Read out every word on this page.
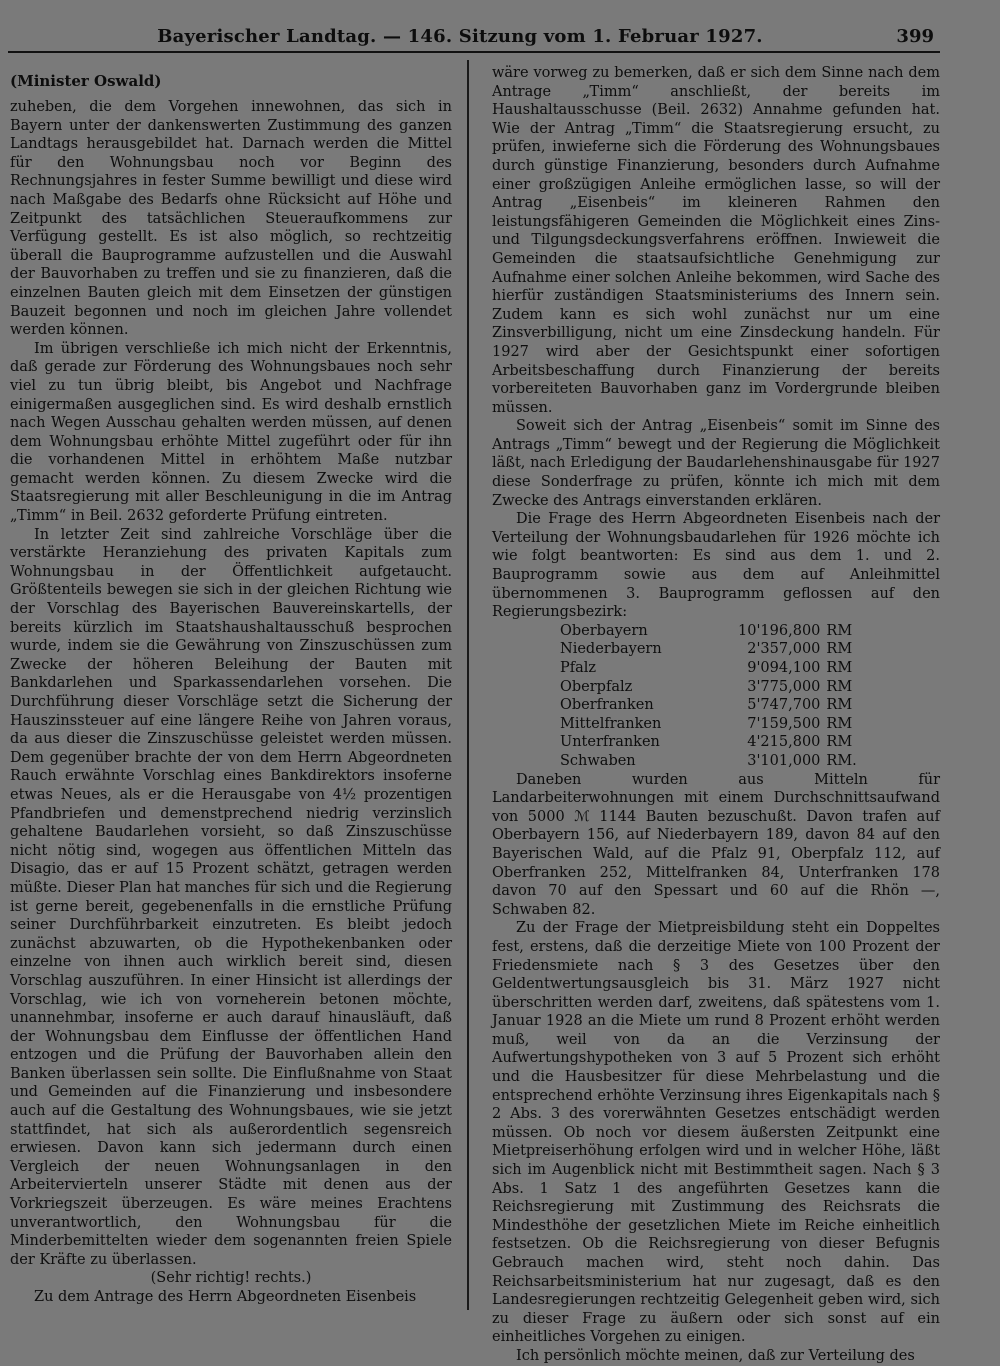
Bayerischer Landtag. — 146. Sitzung vom 1. Februar 1927.	399
(Minister Oswald)

zuheben, die dem Vorgehen innewohnen, das sich in Bayern unter der dankenswerten Zustimmung des ganzen Landtags herausgebildet hat. Darnach werden die Mittel für den Wohnungsbau noch vor Beginn des Rechnungsjahres in fester Summe bewilligt und diese wird nach Maßgabe des Bedarfs ohne Rücksicht auf Höhe und Zeitpunkt des tatsächlichen Steueraufkommens zur Verfügung gestellt. Es ist also möglich, so rechtzeitig überall die Bauprogramme aufzustellen und die Auswahl der Bauvorhaben zu treffen und sie zu finanzieren, daß die einzelnen Bauten gleich mit dem Einsetzen der günstigen Bauzeit begonnen und noch im gleichen Jahre vollendet werden können.

Im übrigen verschließe ich mich nicht der Erkenntnis, daß gerade zur Förderung des Wohnungsbaues noch sehr viel zu tun übrig bleibt, bis Angebot und Nachfrage einigermaßen ausgeglichen sind. Es wird deshalb ernstlich nach Wegen Ausschau gehalten werden müssen, auf denen dem Wohnungsbau erhöhte Mittel zugeführt oder für ihn die vorhandenen Mittel in erhöhtem Maße nutzbar gemacht werden können. Zu diesem Zwecke wird die Staatsregierung mit aller Beschleunigung in die im Antrag „Timm“ in Beil. 2632 geforderte Prüfung eintreten.

In letzter Zeit sind zahlreiche Vorschläge über die verstärkte Heranziehung des privaten Kapitals zum Wohnungsbau in der Öffentlichkeit aufgetaucht. Größtenteils bewegen sie sich in der gleichen Richtung wie der Vorschlag des Bayerischen Bauvereinskartells, der bereits kürzlich im Staatshaushaltausschuß besprochen wurde, indem sie die Gewährung von Zinszuschüssen zum Zwecke der höheren Beleihung der Bauten mit Bankdarlehen und Sparkassendarlehen vorsehen. Die Durchführung dieser Vorschläge setzt die Sicherung der Hauszinssteuer auf eine längere Reihe von Jahren voraus, da aus dieser die Zinszuschüsse geleistet werden müssen. Dem gegenüber brachte der von dem Herrn Abgeordneten Rauch erwähnte Vorschlag eines Bankdirektors insoferne etwas Neues, als er die Herausgabe von 4½ prozentigen Pfandbriefen und demenstprechend niedrig verzinslich gehaltene Baudarlehen vorsieht, so daß Zinszuschüsse nicht nötig sind, wogegen aus öffentlichen Mitteln das Disagio, das er auf 15 Prozent schätzt, getragen werden müßte. Dieser Plan hat manches für sich und die Regierung ist gerne bereit, gegebenenfalls in die ernstliche Prüfung seiner Durchführbarkeit einzutreten. Es bleibt jedoch zunächst abzuwarten, ob die Hypothekenbanken oder einzelne von ihnen auch wirklich bereit sind, diesen Vorschlag auszuführen. In einer Hinsicht ist allerdings der Vorschlag, wie ich von vorneherein betonen möchte, unannehmbar, insoferne er auch darauf hinausläuft, daß der Wohnungsbau dem Einflusse der öffentlichen Hand entzogen und die Prüfung der Bauvorhaben allein den Banken überlassen sein sollte. Die Einflußnahme von Staat und Gemeinden auf die Finanzierung und insbesondere auch auf die Gestaltung des Wohnungsbaues, wie sie jetzt stattfindet, hat sich als außerordentlich segensreich erwiesen. Davon kann sich jedermann durch einen Vergleich der neuen Wohnungsanlagen in den Arbeitervierteln unserer Städte mit denen aus der Vorkriegszeit überzeugen. Es wäre meines Erachtens unverantwortlich, den Wohnungsbau für die Minderbemittelten wieder dem sogenannten freien Spiele der Kräfte zu überlassen.

(Sehr richtig! rechts.)

Zu dem Antrage des Herrn Abgeordneten Eisenbeis

wäre vorweg zu bemerken, daß er sich dem Sinne nach dem Antrage „Timm“ anschließt, der bereits im Haushaltausschusse (Beil. 2632) Annahme gefunden hat. Wie der Antrag „Timm“ die Staatsregierung ersucht, zu prüfen, inwieferne sich die Förderung des Wohnungsbaues durch günstige Finanzierung, besonders durch Aufnahme einer großzügigen Anleihe ermöglichen lasse, so will der Antrag „Eisenbeis“ im kleineren Rahmen den leistungsfähigeren Gemeinden die Möglichkeit eines Zins- und Tilgungsdeckungsverfahrens eröffnen. Inwieweit die Gemeinden die staatsaufsichtliche Genehmigung zur Aufnahme einer solchen Anleihe bekommen, wird Sache des hierfür zuständigen Staatsministeriums des Innern sein. Zudem kann es sich wohl zunächst nur um eine Zinsverbilligung, nicht um eine Zinsdeckung handeln. Für 1927 wird aber der Gesichtspunkt einer sofortigen Arbeitsbeschaffung durch Finanzierung der bereits vorbereiteten Bauvorhaben ganz im Vordergrunde bleiben müssen.

Soweit sich der Antrag „Eisenbeis“ somit im Sinne des Antrags „Timm“ bewegt und der Regierung die Möglichkeit läßt, nach Erledigung der Baudarlehenshinausgabe für 1927 diese Sonderfrage zu prüfen, könnte ich mich mit dem Zwecke des Antrags einverstanden erklären.

Die Frage des Herrn Abgeordneten Eisenbeis nach der Verteilung der Wohnungsbaudarlehen für 1926 möchte ich wie folgt beantworten: Es sind aus dem 1. und 2. Bauprogramm sowie aus dem auf Anleihmittel übernommenen 3. Bauprogramm geflossen auf den Regierungsbezirk:

Oberbayern	10'196,800	RM
Niederbayern	2'357,000	RM
Pfalz	9'094,100	RM
Oberpfalz	3'775,000	RM
Oberfranken	5'747,700	RM
Mittelfranken	7'159,500	RM
Unterfranken	4'215,800	RM
Schwaben	3'101,000	RM.

Daneben wurden aus Mitteln für Landarbeiterwohnungen mit einem Durchschnittsaufwand von 5000 ℳ 1144 Bauten bezuschußt. Davon trafen auf Oberbayern 156, auf Niederbayern 189, davon 84 auf den Bayerischen Wald, auf die Pfalz 91, Oberpfalz 112, auf Oberfranken 252, Mittelfranken 84, Unterfranken 178 davon 70 auf den Spessart und 60 auf die Rhön —, Schwaben 82.

Zu der Frage der Mietpreisbildung steht ein Doppeltes fest, erstens, daß die derzeitige Miete von 100 Prozent der Friedensmiete nach § 3 des Gesetzes über den Geldentwertungsausgleich bis 31. März 1927 nicht überschritten werden darf, zweitens, daß spätestens vom 1. Januar 1928 an die Miete um rund 8 Prozent erhöht werden muß, weil von da an die Verzinsung der Aufwertungshypotheken von 3 auf 5 Prozent sich erhöht und die Hausbesitzer für diese Mehrbelastung und die entsprechend erhöhte Verzinsung ihres Eigenkapitals nach § 2 Abs. 3 des vorerwähnten Gesetzes entschädigt werden müssen. Ob noch vor diesem äußersten Zeitpunkt eine Mietpreiserhöhung erfolgen wird und in welcher Höhe, läßt sich im Augenblick nicht mit Bestimmtheit sagen. Nach § 3 Abs. 1 Satz 1 des angeführten Gesetzes kann die Reichsregierung mit Zustimmung des Reichsrats die Mindesthöhe der gesetzlichen Miete im Reiche einheitlich festsetzen. Ob die Reichsregierung von dieser Befugnis Gebrauch machen wird, steht noch dahin. Das Reichsarbeitsministerium hat nur zugesagt, daß es den Landesregierungen rechtzeitig Gelegenheit geben wird, sich zu dieser Frage zu äußern oder sich sonst auf ein einheitliches Vorgehen zu einigen.

Ich persönlich möchte meinen, daß zur Verteilung des
